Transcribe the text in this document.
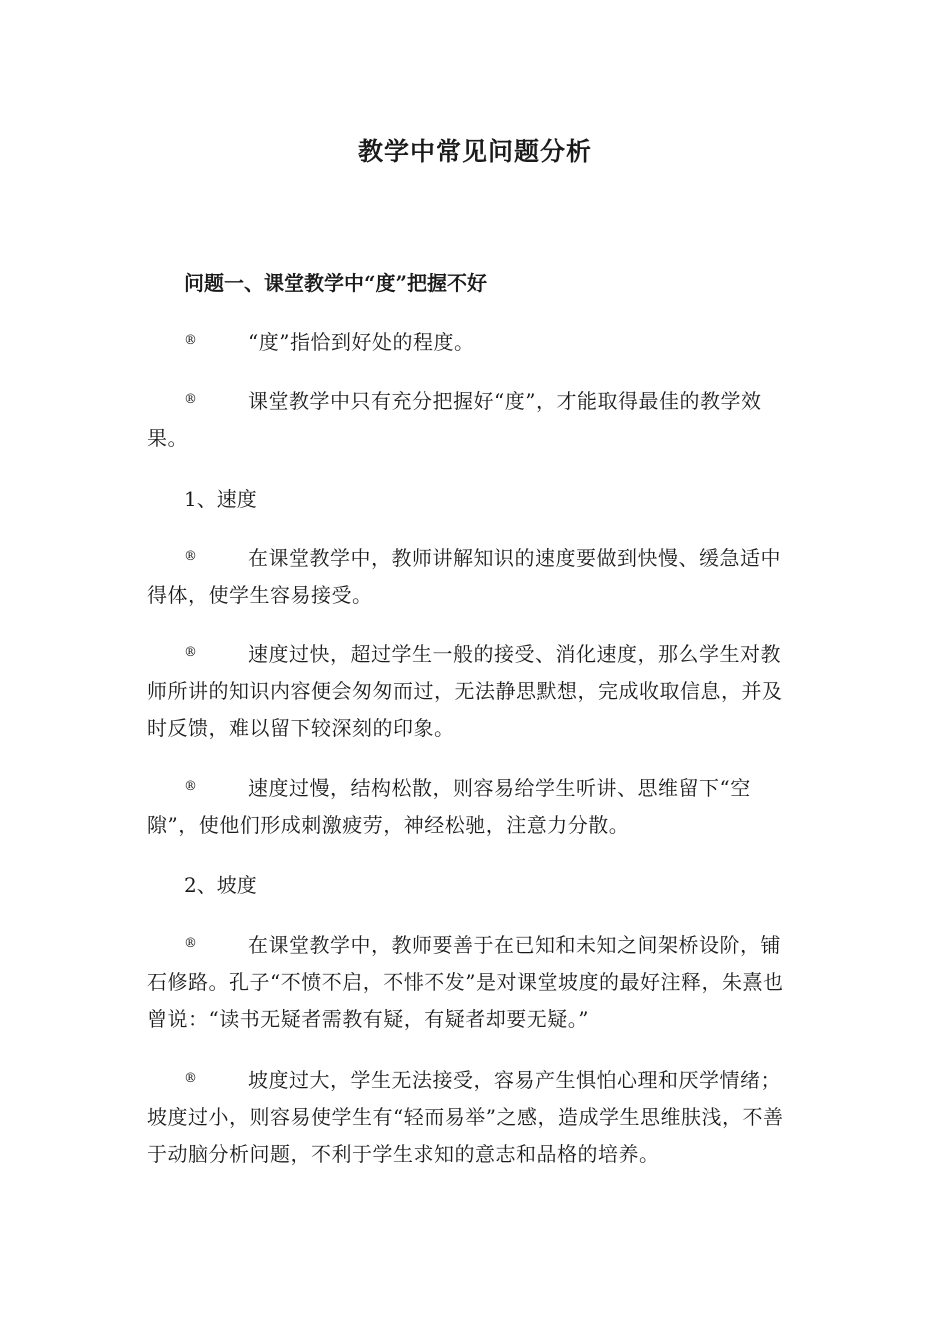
教学中常见问题分析
问题一、课堂教学中“度”把握不好
®	“度”指恰到好处的程度。
®	课堂教学中只有充分把握好“度”，才能取得最佳的教学效果。
1、速度
®	在课堂教学中，教师讲解知识的速度要做到快慢、缓急适中得体，使学生容易接受。
®	速度过快，超过学生一般的接受、消化速度，那么学生对教师所讲的知识内容便会匆匆而过，无法静思默想，完成收取信息，并及时反馈，难以留下较深刻的印象。
®	速度过慢，结构松散，则容易给学生听讲、思维留下“空隙”，使他们形成刺激疲劳，神经松驰，注意力分散。
2、坡度
®	在课堂教学中，教师要善于在已知和未知之间架桥设阶，铺石修路。孔子“不愤不启，不悱不发”是对课堂坡度的最好注释，朱熹也曾说：“读书无疑者需教有疑，有疑者却要无疑。”
®	坡度过大，学生无法接受，容易产生惧怕心理和厌学情绪；坡度过小，则容易使学生有“轻而易举”之感，造成学生思维肤浅，不善于动脑分析问题，不利于学生求知的意志和品格的培养。
